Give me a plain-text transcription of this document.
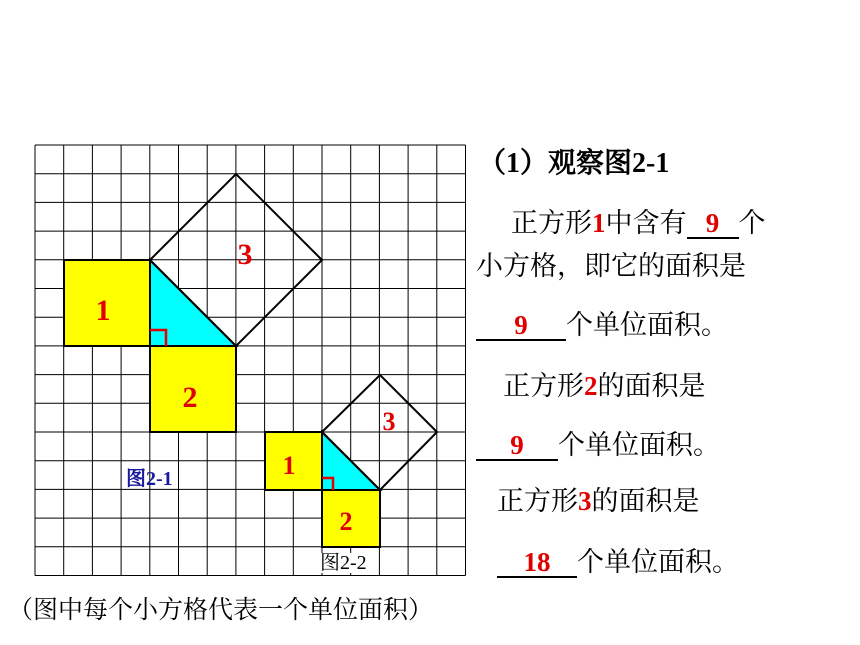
1
2
3
1
2
3
图2-1
图2-2
（图中每个小方格代表一个单位面积）
（1）观察图2-1
正方形1中含有 9 个
小方格，即它的面积是
9 个单位面积。
正方形2的面积是
9 个单位面积。
正方形3的面积是
18 个单位面积。
